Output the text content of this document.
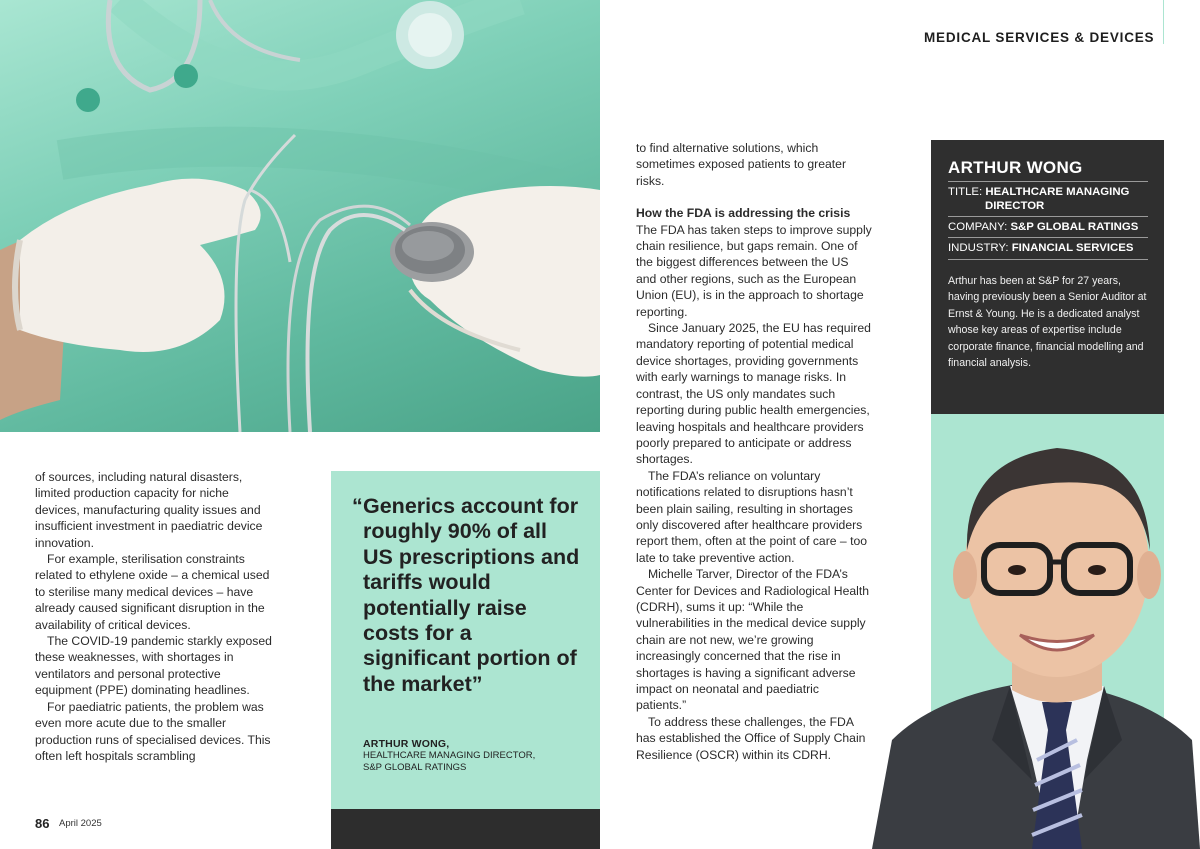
MEDICAL SERVICES & DEVICES

of sources, including natural disasters, limited production capacity for niche devices, manufacturing quality issues and insufficient investment in paediatric device innovation.

For example, sterilisation constraints related to ethylene oxide – a chemical used to sterilise many medical devices – have already caused significant disruption in the availability of critical devices.

The COVID-19 pandemic starkly exposed these weaknesses, with shortages in ventilators and personal protective equipment (PPE) dominating headlines.

For paediatric patients, the problem was even more acute due to the smaller production runs of specialised devices. This often left hospitals scrambling

“ Generics account for roughly 90% of all US prescriptions and tariffs would potentially raise costs for a significant portion of the market”
ARTHUR WONG,
HEALTHCARE MANAGING DIRECTOR,
S&P GLOBAL RATINGS

to find alternative solutions, which sometimes exposed patients to greater risks.

How the FDA is addressing the crisis

The FDA has taken steps to improve supply chain resilience, but gaps remain. One of the biggest differences between the US and other regions, such as the European Union (EU), is in the approach to shortage reporting.

Since January 2025, the EU has required mandatory reporting of potential medical device shortages, providing governments with early warnings to manage risks. In contrast, the US only mandates such reporting during public health emergencies, leaving hospitals and healthcare providers poorly prepared to anticipate or address shortages.

The FDA’s reliance on voluntary notifications related to disruptions hasn’t been plain sailing, resulting in shortages only discovered after healthcare providers report them, often at the point of care – too late to take preventive action.

Michelle Tarver, Director of the FDA’s Center for Devices and Radiological Health (CDRH), sums it up: “While the vulnerabilities in the medical device supply chain are not new, we’re growing increasingly concerned that the rise in shortages is having a significant adverse impact on neonatal and paediatric patients.”

To address these challenges, the FDA has established the Office of Supply Chain Resilience (OSCR) within its CDRH.

ARTHUR WONG
TITLE: HEALTHCARE MANAGING
DIRECTOR
COMPANY: S&P GLOBAL RATINGS
INDUSTRY: FINANCIAL SERVICES
Arthur has been at S&P for 27 years, having previously been a Senior Auditor at Ernst & Young. He is a dedicated analyst whose key areas of expertise include corporate finance, financial modelling and financial analysis.
86 April 2025
